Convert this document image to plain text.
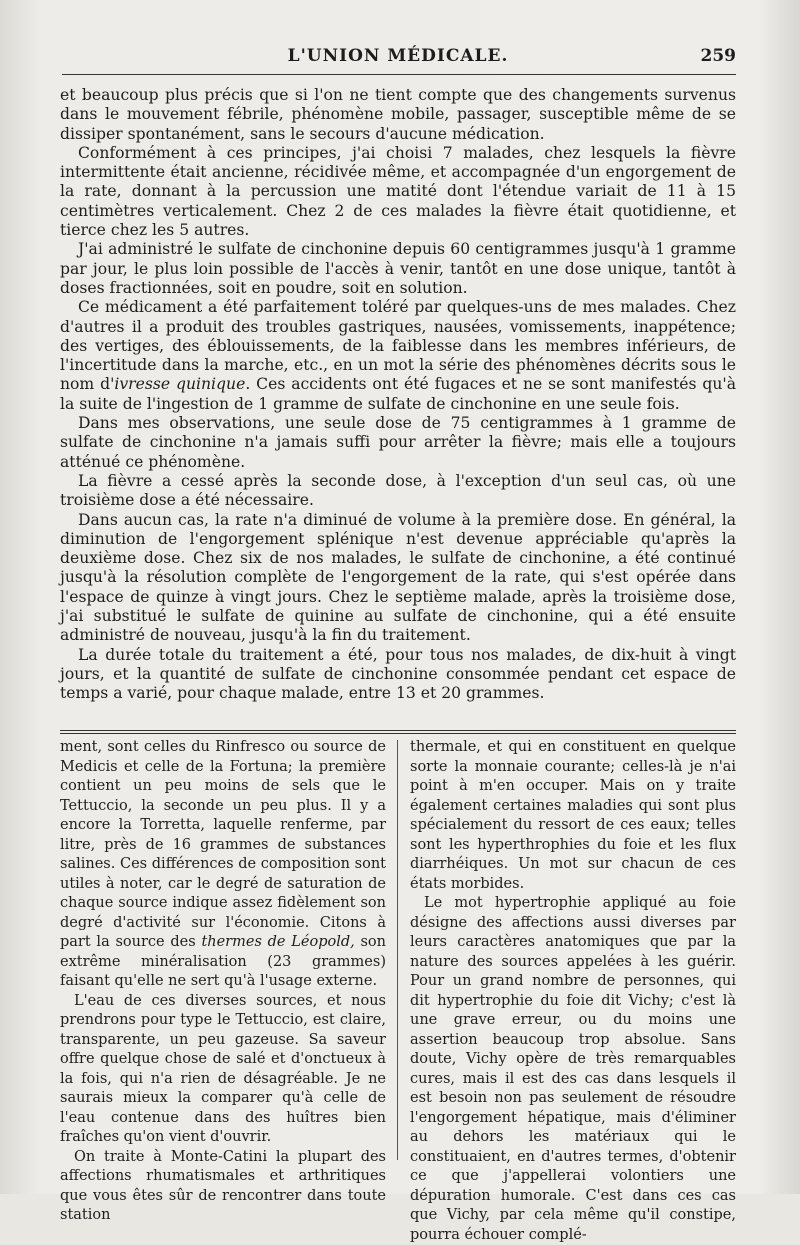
L'UNION MÉDICALE.	259

et beaucoup plus précis que si l'on ne tient compte que des changements survenus dans le mouvement fébrile, phénomène mobile, passager, susceptible même de se dissiper spontanément, sans le secours d'aucune médication.

Conformément à ces principes, j'ai choisi 7 malades, chez lesquels la fièvre intermittente était ancienne, récidivée même, et accompagnée d'un engorgement de la rate, donnant à la percussion une matité dont l'étendue variait de 11 à 15 centimètres verticalement. Chez 2 de ces malades la fièvre était quotidienne, et tierce chez les 5 autres.

J'ai administré le sulfate de cinchonine depuis 60 centigrammes jusqu'à 1 gramme par jour, le plus loin possible de l'accès à venir, tantôt en une dose unique, tantôt à doses fractionnées, soit en poudre, soit en solution.

Ce médicament a été parfaitement toléré par quelques-uns de mes malades. Chez d'autres il a produit des troubles gastriques, nausées, vomissements, inappétence; des vertiges, des éblouissements, de la faiblesse dans les membres inférieurs, de l'incertitude dans la marche, etc., en un mot la série des phénomènes décrits sous le nom d'ivresse quinique. Ces accidents ont été fugaces et ne se sont manifestés qu'à la suite de l'ingestion de 1 gramme de sulfate de cinchonine en une seule fois.

Dans mes observations, une seule dose de 75 centigrammes à 1 gramme de sulfate de cinchonine n'a jamais suffi pour arrêter la fièvre; mais elle a toujours atténué ce phénomène.

La fièvre a cessé après la seconde dose, à l'exception d'un seul cas, où une troisième dose a été nécessaire.

Dans aucun cas, la rate n'a diminué de volume à la première dose. En général, la diminution de l'engorgement splénique n'est devenue appréciable qu'après la deuxième dose. Chez six de nos malades, le sulfate de cinchonine, a été continué jusqu'à la résolution complète de l'engorgement de la rate, qui s'est opérée dans l'espace de quinze à vingt jours. Chez le septième malade, après la troisième dose, j'ai substitué le sulfate de quinine au sulfate de cinchonine, qui a été ensuite administré de nouveau, jusqu'à la fin du traitement.

La durée totale du traitement a été, pour tous nos malades, de dix-huit à vingt jours, et la quantité de sulfate de cinchonine consommée pendant cet espace de temps a varié, pour chaque malade, entre 13 et 20 grammes.

ment, sont celles du Rinfresco ou source de Medicis et celle de la Fortuna; la première contient un peu moins de sels que le Tettuccio, la seconde un peu plus. Il y a encore la Torretta, laquelle renferme, par litre, près de 16 grammes de substances salines. Ces différences de composition sont utiles à noter, car le degré de saturation de chaque source indique assez fidèlement son degré d'activité sur l'économie. Citons à part la source des thermes de Léopold, son extrême minéralisation (23 grammes) faisant qu'elle ne sert qu'à l'usage externe.

L'eau de ces diverses sources, et nous prendrons pour type le Tettuccio, est claire, transparente, un peu gazeuse. Sa saveur offre quelque chose de salé et d'onctueux à la fois, qui n'a rien de désagréable. Je ne saurais mieux la comparer qu'à celle de l'eau contenue dans des huîtres bien fraîches qu'on vient d'ouvrir.

On traite à Monte-Catini la plupart des affections rhumatismales et arthritiques que vous êtes sûr de rencontrer dans toute station

thermale, et qui en constituent en quelque sorte la monnaie courante; celles-là je n'ai point à m'en occuper. Mais on y traite également certaines maladies qui sont plus spécialement du ressort de ces eaux; telles sont les hyperthrophies du foie et les flux diarrhéiques. Un mot sur chacun de ces états morbides.

Le mot hypertrophie appliqué au foie désigne des affections aussi diverses par leurs caractères anatomiques que par la nature des sources appelées à les guérir. Pour un grand nombre de personnes, qui dit hypertrophie du foie dit Vichy; c'est là une grave erreur, ou du moins une assertion beaucoup trop absolue. Sans doute, Vichy opère de très remarquables cures, mais il est des cas dans lesquels il est besoin non pas seulement de résoudre l'engorgement hépatique, mais d'éliminer au dehors les matériaux qui le constituaient, en d'autres termes, d'obtenir ce que j'appellerai volontiers une dépuration humorale. C'est dans ces cas que Vichy, par cela même qu'il constipe, pourra échouer complé-
